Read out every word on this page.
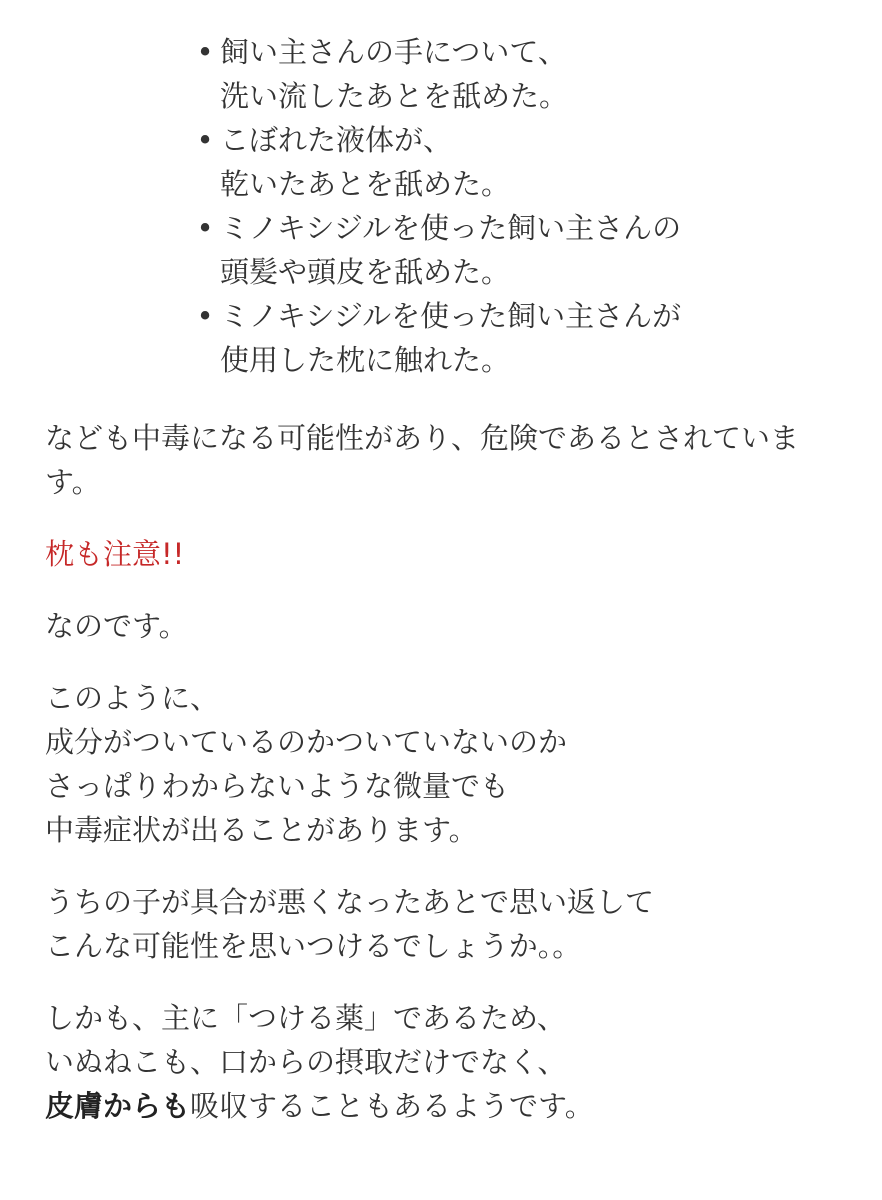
• 飼い主さんの手について、
洗い流したあとを舐めた。
• こぼれた液体が、
乾いたあとを舐めた。
• ミノキシジルを使った飼い主さんの
頭髪や頭皮を舐めた。
• ミノキシジルを使った飼い主さんが
使用した枕に触れた。

なども中毒になる可能性があり、危険であるとされていま
す。

枕も注意!!

なのです。

このように、
成分がついているのかついていないのか
さっぱりわからないような微量でも
中毒症状が出ることがあります。

うちの子が具合が悪くなったあとで思い返して
こんな可能性を思いつけるでしょうか。。

しかも、主に「つける薬」であるため、
いぬねこも、口からの摂取だけでなく、
皮膚からも吸収することもあるようです。
